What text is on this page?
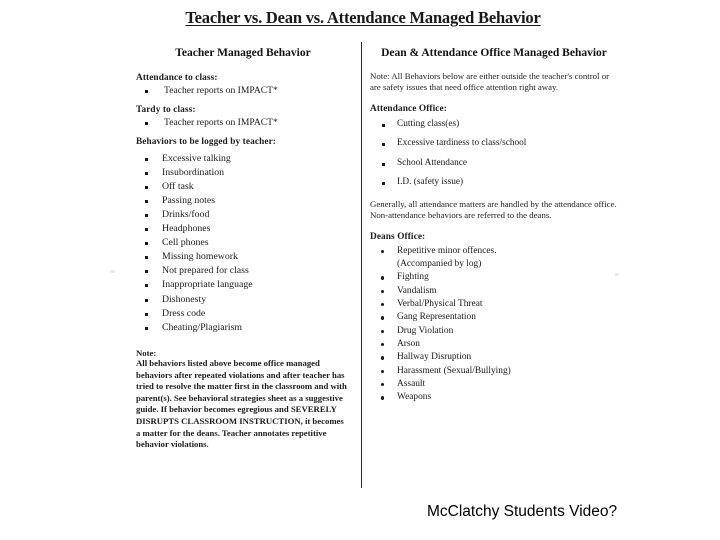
Teacher vs. Dean vs. Attendance Managed Behavior
Teacher Managed Behavior
Attendance to class:
Teacher reports on IMPACT*
Tardy to class:
Teacher reports on IMPACT*
Behaviors to be logged by teacher:
Excessive talking
Insubordination
Off task
Passing notes
Drinks/food
Headphones
Cell phones
Missing homework
Not prepared for class
Inappropriate language
Dishonesty
Dress code
Cheating/Plagiarism
Note:
All behaviors listed above become office managed behaviors after repeated violations and after teacher has tried to resolve the matter first in the classroom and with parent(s). See behavioral strategies sheet as a suggestive guide. If behavior becomes egregious and SEVERELY DISRUPTS CLASSROOM INSTRUCTION, it becomes a matter for the deans. Teacher annotates repetitive behavior violations.
Dean & Attendance Office Managed Behavior
Note: All Behaviors below are either outside the teacher's control or are safety issues that need office attention right away.
Attendance Office:
Cutting class(es)
Excessive tardiness to class/school
School Attendance
I.D. (safety issue)
Generally, all attendance matters are handled by the attendance office. Non-attendance behaviors are referred to the deans.
Deans Office:
Repetitive minor offences.
(Accompanied by log)
Fighting
Vandalism
Verbal/Physical Threat
Gang Representation
Drug Violation
Arson
Hallway Disruption
Harassment (Sexual/Bullying)
Assault
Weapons
McClatchy Students Video?
